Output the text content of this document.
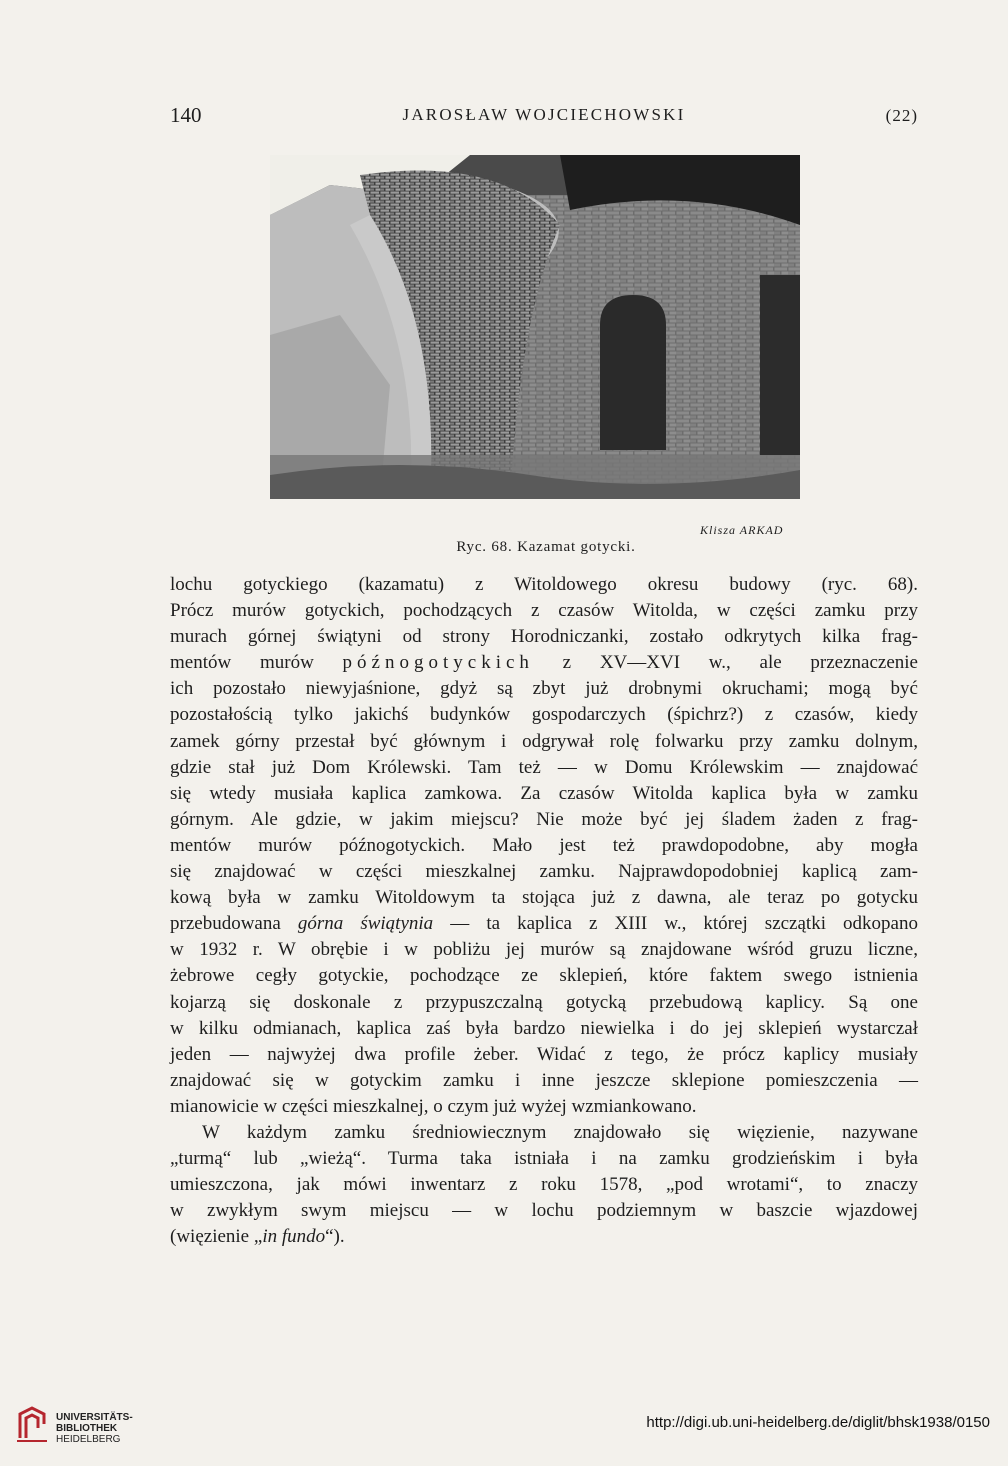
140	JAROSŁAW WOJCIECHOWSKI	(22)
Klisza ARKAD
Ryc. 68. Kazamat gotycki.
lochu gotyckiego (kazamatu) z Witoldowego okresu budowy (ryc. 68).
Prócz murów gotyckich, pochodzących z czasów Witolda, w części zamku przy
murach górnej świątyni od strony Horodniczanki, zostało odkrytych kilka frag-
mentów murów późnogotyckich z XV—XVI w., ale przeznaczenie
ich pozostało niewyjaśnione, gdyż są zbyt już drobnymi okruchami; mogą być
pozostałością tylko jakichś budynków gospodarczych (śpichrz?) z czasów, kiedy
zamek górny przestał być głównym i odgrywał rolę folwarku przy zamku dolnym,
gdzie stał już Dom Królewski. Tam też — w Domu Królewskim — znajdować
się wtedy musiała kaplica zamkowa. Za czasów Witolda kaplica była w zamku
górnym. Ale gdzie, w jakim miejscu? Nie może być jej śladem żaden z frag-
mentów murów późnogotyckich. Mało jest też prawdopodobne, aby mogła
się znajdować w części mieszkalnej zamku. Najprawdopodobniej kaplicą zam-
kową była w zamku Witoldowym ta stojąca już z dawna, ale teraz po gotycku
przebudowana górna świątynia — ta kaplica z XIII w., której szczątki odkopano
w 1932 r. W obrębie i w pobliżu jej murów są znajdowane wśród gruzu liczne,
żebrowe cegły gotyckie, pochodzące ze sklepień, które faktem swego istnienia
kojarzą się doskonale z przypuszczalną gotycką przebudową kaplicy. Są one
w kilku odmianach, kaplica zaś była bardzo niewielka i do jej sklepień wystarczał
jeden — najwyżej dwa profile żeber. Widać z tego, że prócz kaplicy musiały
znajdować się w gotyckim zamku i inne jeszcze sklepione pomieszczenia —
mianowicie w części mieszkalnej, o czym już wyżej wzmiankowano.
W każdym zamku średniowiecznym znajdowało się więzienie, nazywane
„turmą“ lub „wieżą“. Turma taka istniała i na zamku grodzieńskim i była
umieszczona, jak mówi inwentarz z roku 1578, „pod wrotami“, to znaczy
w zwykłym swym miejscu — w lochu podziemnym w baszcie wjazdowej
(więzienie „in fundo“).
UNIVERSITÄTS-
BIBLIOTHEK
HEIDELBERG
http://digi.ub.uni-heidelberg.de/diglit/bhsk1938/0150
